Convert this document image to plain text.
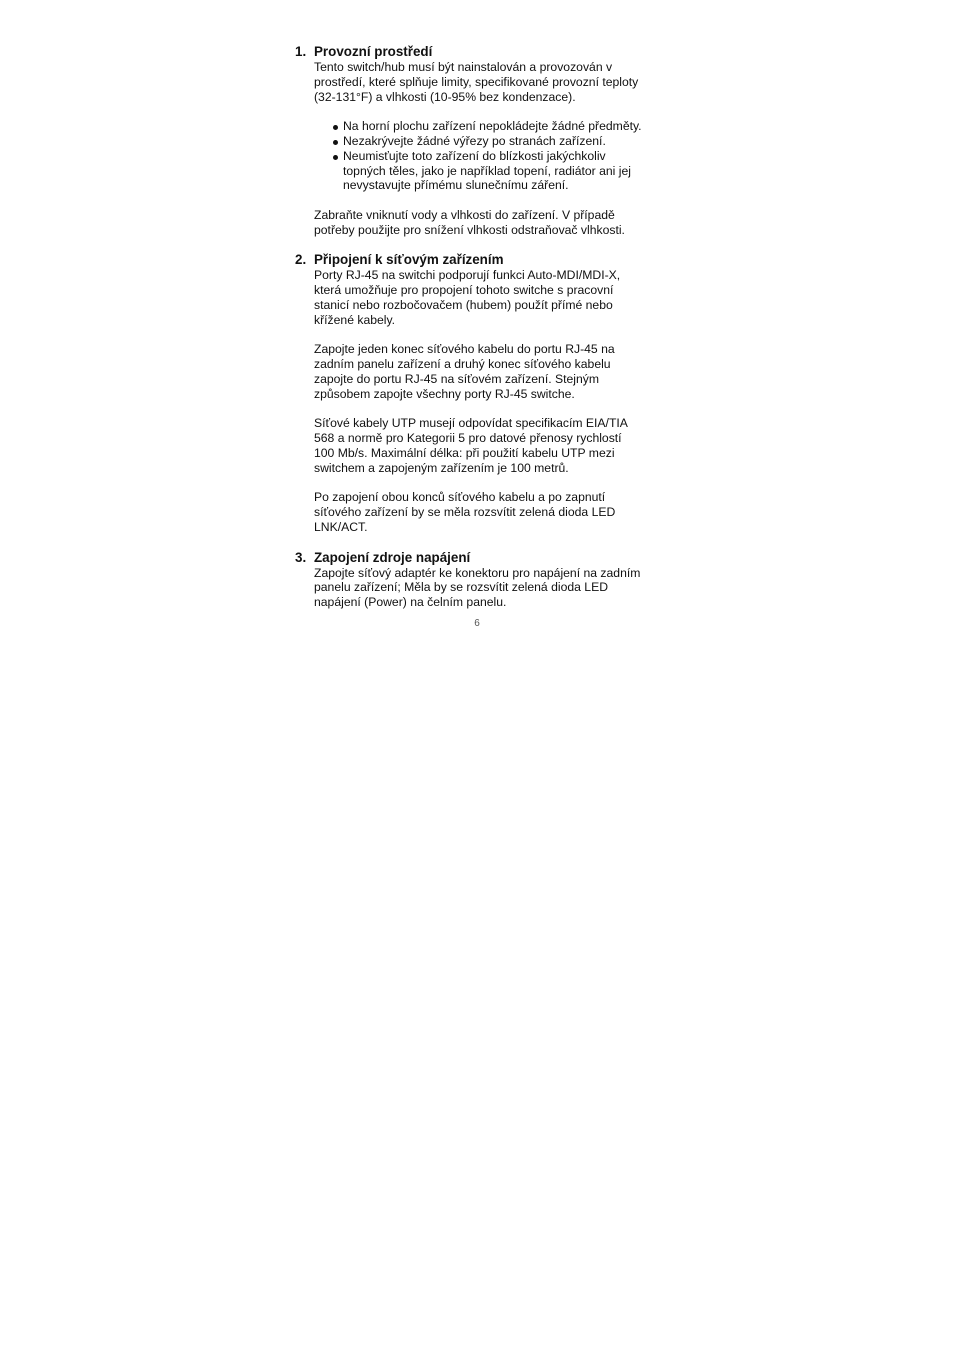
1. Provozní prostředí

Tento switch/hub musí být nainstalován a provozován v
prostředí, které splňuje limity, specifikované provozní teploty
(32-131°F) a vlhkosti (10-95% bez kondenzace).

Na horní plochu zařízení nepokládejte žádné předměty.
Nezakrývejte žádné výřezy po stranách zařízení.
Neumisťujte toto zařízení do blízkosti jakýchkoliv
topných těles, jako je například topení, radiátor ani jej
nevystavujte přímému slunečnímu záření.

Zabraňte vniknutí vody a vlhkosti do zařízení. V případě
potřeby použijte pro snížení vlhkosti odstraňovač vlhkosti.

2. Připojení k síťovým zařízením

Porty RJ-45 na switchi podporují funkci Auto-MDI/MDI-X,
která umožňuje pro propojení tohoto switche s pracovní
stanicí nebo rozbočovačem (hubem) použít přímé nebo
křížené kabely.

Zapojte jeden konec síťového kabelu do portu RJ-45 na
zadním panelu zařízení a druhý konec síťového kabelu
zapojte do portu RJ-45 na síťovém zařízení. Stejným
způsobem zapojte všechny porty RJ-45 switche.

Síťové kabely UTP musejí odpovídat specifikacím EIA/TIA
568 a normě pro Kategorii 5 pro datové přenosy rychlostí
100 Mb/s. Maximální délka: při použití kabelu UTP mezi
switchem a zapojeným zařízením je 100 metrů.

Po zapojení obou konců síťového kabelu a po zapnutí
síťového zařízení by se měla rozsvítit zelená dioda LED
LNK/ACT.

3. Zapojení zdroje napájení

Zapojte síťový adaptér ke konektoru pro napájení na zadním
panelu zařízení; Měla by se rozsvítit zelená dioda LED
napájení (Power) na čelním panelu.

6
